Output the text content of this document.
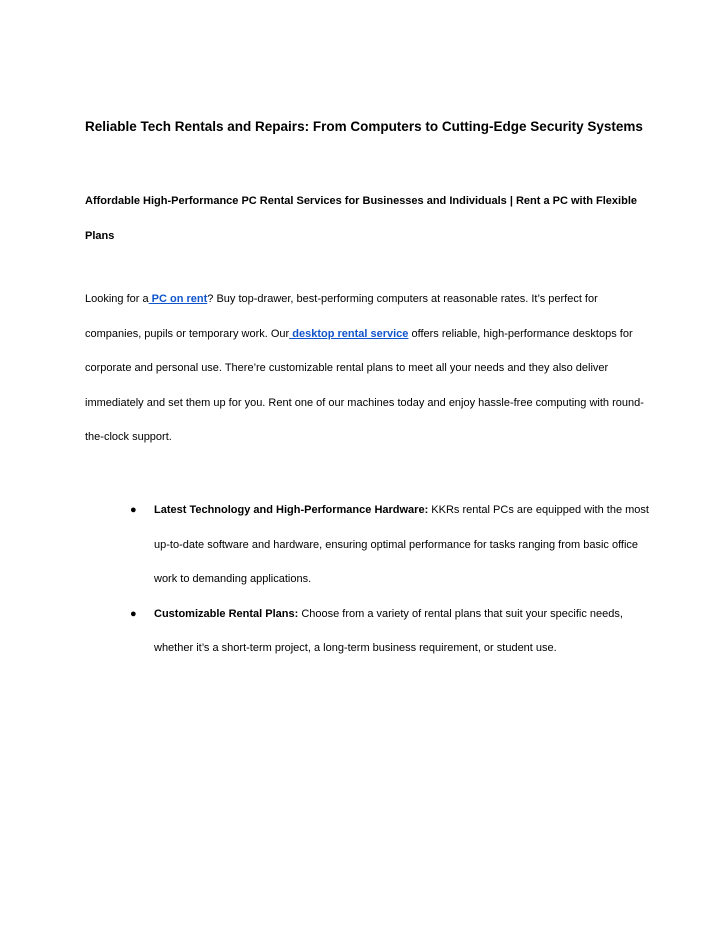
Reliable Tech Rentals and Repairs: From Computers to Cutting-Edge Security Systems
Affordable High-Performance PC Rental Services for Businesses and Individuals | Rent a PC with Flexible Plans

Looking for a PC on rent? Buy top-drawer, best-performing computers at reasonable rates. It’s perfect for companies, pupils or temporary work. Our desktop rental service offers reliable, high-performance desktops for corporate and personal use. There’re customizable rental plans to meet all your needs and they also deliver immediately and set them up for you. Rent one of our machines today and enjoy hassle-free computing with round-the-clock support.

● Latest Technology and High-Performance Hardware: KKRs rental PCs are equipped with the most up-to-date software and hardware, ensuring optimal performance for tasks ranging from basic office work to demanding applications.
● Customizable Rental Plans: Choose from a variety of rental plans that suit your specific needs, whether it’s a short-term project, a long-term business requirement, or student use.
